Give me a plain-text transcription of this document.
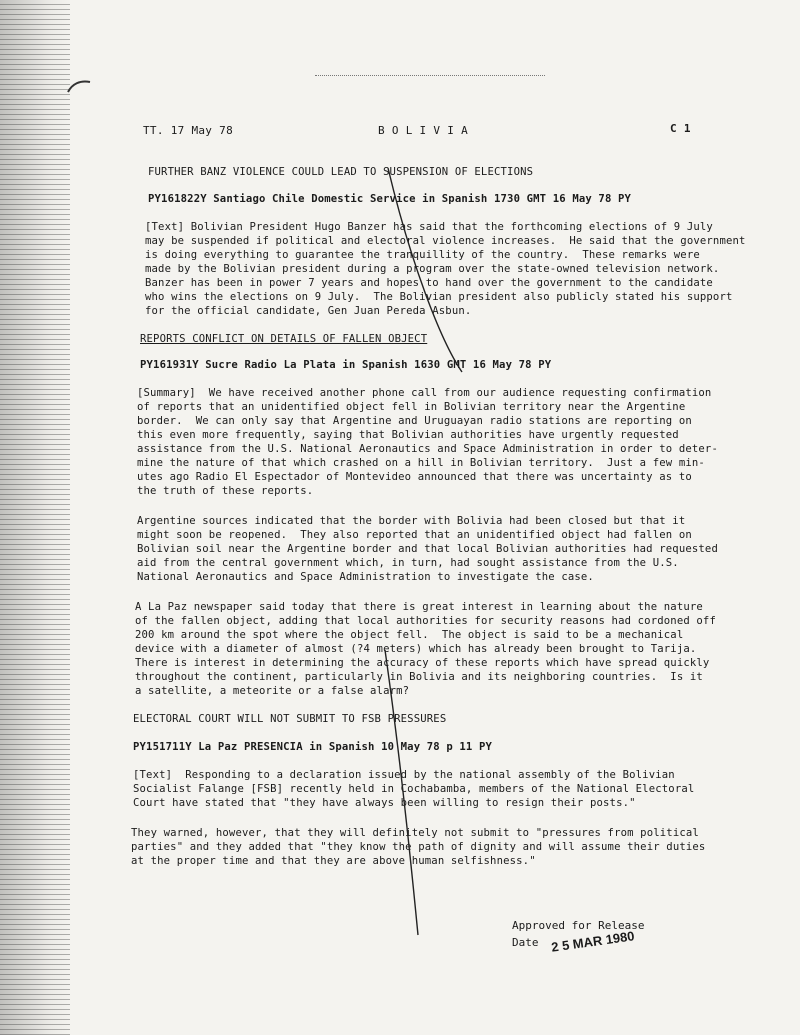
TT. 17 May 78	B O L I V I A	C 1
FURTHER BANZ VIOLENCE COULD LEAD TO SUSPENSION OF ELECTIONS
PY161822Y Santiago Chile Domestic Service in Spanish 1730 GMT 16 May 78 PY
[Text] Bolivian President Hugo Banzer has said that the forthcoming elections of 9 July
may be suspended if political and electoral violence increases.  He said that the government
is doing everything to guarantee the tranquillity of the country.  These remarks were
made by the Bolivian president during a program over the state-owned television network.
Banzer has been in power 7 years and hopes to hand over the government to the candidate
who wins the elections on 9 July.  The Bolivian president also publicly stated his support
for the official candidate, Gen Juan Pereda Asbun.
REPORTS CONFLICT ON DETAILS OF FALLEN OBJECT
PY161931Y Sucre Radio La Plata in Spanish 1630 GMT 16 May 78 PY
[Summary]  We have received another phone call from our audience requesting confirmation
of reports that an unidentified object fell in Bolivian territory near the Argentine
border.  We can only say that Argentine and Uruguayan radio stations are reporting on
this even more frequently, saying that Bolivian authorities have urgently requested
assistance from the U.S. National Aeronautics and Space Administration in order to deter-
mine the nature of that which crashed on a hill in Bolivian territory.  Just a few min-
utes ago Radio El Espectador of Montevideo announced that there was uncertainty as to
the truth of these reports.
Argentine sources indicated that the border with Bolivia had been closed but that it
might soon be reopened.  They also reported that an unidentified object had fallen on
Bolivian soil near the Argentine border and that local Bolivian authorities had requested
aid from the central government which, in turn, had sought assistance from the U.S.
National Aeronautics and Space Administration to investigate the case.
A La Paz newspaper said today that there is great interest in learning about the nature
of the fallen object, adding that local authorities for security reasons had cordoned off
200 km around the spot where the object fell.  The object is said to be a mechanical
device with a diameter of almost (?4 meters) which has already been brought to Tarija.
There is interest in determining the accuracy of these reports which have spread quickly
throughout the continent, particularly in Bolivia and its neighboring countries.  Is it
a satellite, a meteorite or a false alarm?
ELECTORAL COURT WILL NOT SUBMIT TO FSB PRESSURES
PY151711Y La Paz PRESENCIA in Spanish 10 May 78 p 11 PY
[Text]  Responding to a declaration issued by the national assembly of the Bolivian
Socialist Falange [FSB] recently held in Cochabamba, members of the National Electoral
Court have stated that "they have always been willing to resign their posts."
They warned, however, that they will definitely not submit to "pressures from political
parties" and they added that "they know the path of dignity and will assume their duties
at the proper time and that they are above human selfishness."
Approved for Release
Date 2 5 MAR 1980
